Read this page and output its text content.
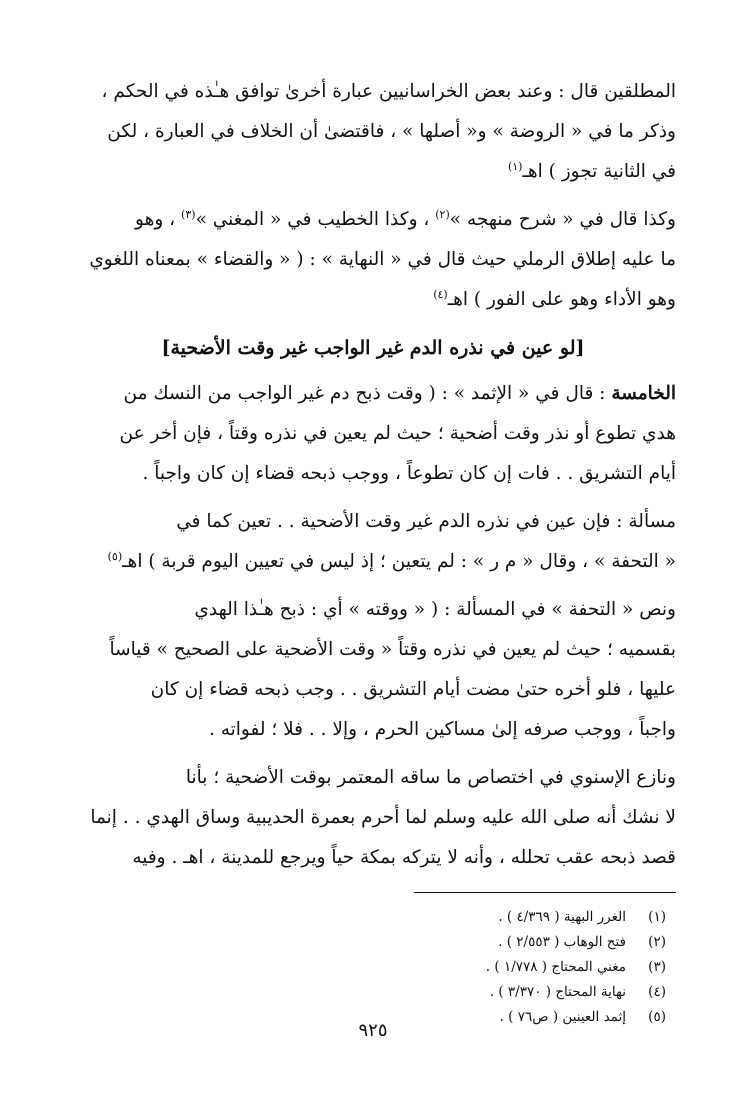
المطلقين قال : وعند بعض الخراسانيين عبارة أخرىٰ توافق هـٰذه في الحكم ،
وذكر ما في « الروضة » و« أصلها » ، فاقتضىٰ أن الخلاف في العبارة ، لكن
في الثانية تجوز ) اهـ$^{(١)}$

وكذا قال في « شرح منهجه »$^{(٢)}$ ، وكذا الخطيب في « المغني »$^{(٣)}$ ، وهو
ما عليه إطلاق الرملي حيث قال في « النهاية » : ( « والقضاء » بمعناه اللغوي
وهو الأداء وهو على الفور ) اهـ$^{(٤)}$

[لو عين في نذره الدم غير الواجب غير وقت الأضحية]

الخامسة : قال في « الإثمد » : ( وقت ذبح دم غير الواجب من النسك من
هدي تطوع أو نذر وقت أضحية ؛ حيث لم يعين في نذره وقتاً ، فإن أخر عن
أيام التشريق . . فات إن كان تطوعاً ، ووجب ذبحه قضاء إن كان واجباً .

مسألة : فإن عين في نذره الدم غير وقت الأضحية . . تعين كما في
« التحفة » ، وقال « م ر » : لم يتعين ؛ إذ ليس في تعيين اليوم قربة ) اهـ$^{(٥)}$

ونص « التحفة » في المسألة : ( « ووقته » أي : ذبح هـٰذا الهدي
بقسميه ؛ حيث لم يعين في نذره وقتاً « وقت الأضحية على الصحيح » قياساً
عليها ، فلو أخره حتىٰ مضت أيام التشريق . . وجب ذبحه قضاء إن كان
واجباً ، ووجب صرفه إلىٰ مساكين الحرم ، وإلا . . فلا ؛ لفواته .

ونازع الإسنوي في اختصاص ما ساقه المعتمر بوقت الأضحية ؛ بأنا
لا نشك أنه صلى الله عليه وسلم لما أحرم بعمرة الحديبية وساق الهدي . . إنما
قصد ذبحه عقب تحلله ، وأنه لا يتركه بمكة حياً ويرجع للمدينة ، اهـ . وفيه

(١)
الغرر البهية ( ٤/٣٦٩ ) .
(٢)
فتح الوهاب ( ٢/٥٥٣ ) .
(٣)
مغني المحتاج ( ١/٧٧٨ ) .
(٤)
نهاية المحتاج ( ٣/٣٧٠ ) .
(٥)
إثمد العينين ( ص٧٦ ) .
٩٢٥
